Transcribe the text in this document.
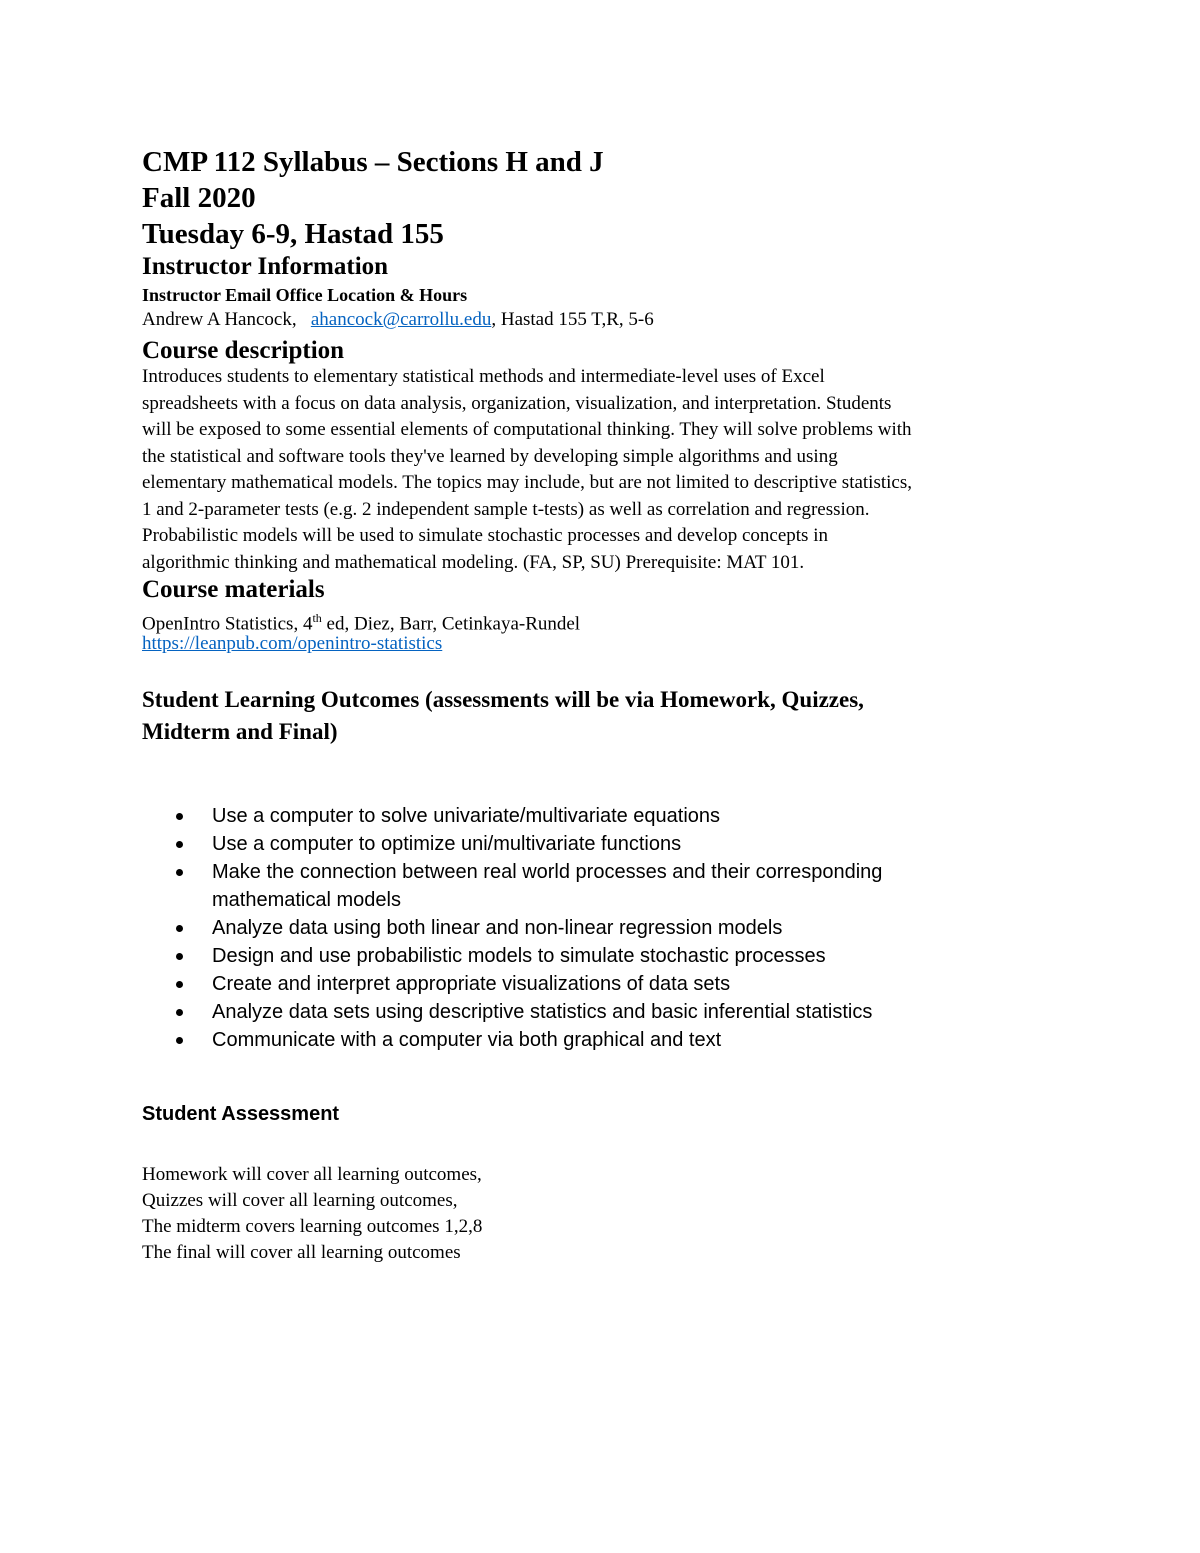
CMP 112 Syllabus – Sections H and J
Fall 2020
Tuesday 6-9, Hastad 155
Instructor Information
Instructor Email Office Location & Hours
Andrew A Hancock, ahancock@carrollu.edu, Hastad 155 T,R, 5-6
Course description
Introduces students to elementary statistical methods and intermediate-level uses of Excel
spreadsheets with a focus on data analysis, organization, visualization, and interpretation. Students
will be exposed to some essential elements of computational thinking. They will solve problems with
the statistical and software tools they've learned by developing simple algorithms and using
elementary mathematical models. The topics may include, but are not limited to descriptive statistics,
1 and 2-parameter tests (e.g. 2 independent sample t-tests) as well as correlation and regression.
Probabilistic models will be used to simulate stochastic processes and develop concepts in
algorithmic thinking and mathematical modeling. (FA, SP, SU) Prerequisite: MAT 101.
Course materials
OpenIntro Statistics, 4th ed, Diez, Barr, Cetinkaya-Rundel
https://leanpub.com/openintro-statistics
Student Learning Outcomes (assessments will be via Homework, Quizzes,
Midterm and Final)
Use a computer to solve univariate/multivariate equations
Use a computer to optimize uni/multivariate functions
Make the connection between real world processes and their corresponding
mathematical models
Analyze data using both linear and non-linear regression models
Design and use probabilistic models to simulate stochastic processes
Create and interpret appropriate visualizations of data sets
Analyze data sets using descriptive statistics and basic inferential statistics
Communicate with a computer via both graphical and text
Student Assessment
Homework will cover all learning outcomes,
Quizzes will cover all learning outcomes,
The midterm covers learning outcomes 1,2,8
The final will cover all learning outcomes
